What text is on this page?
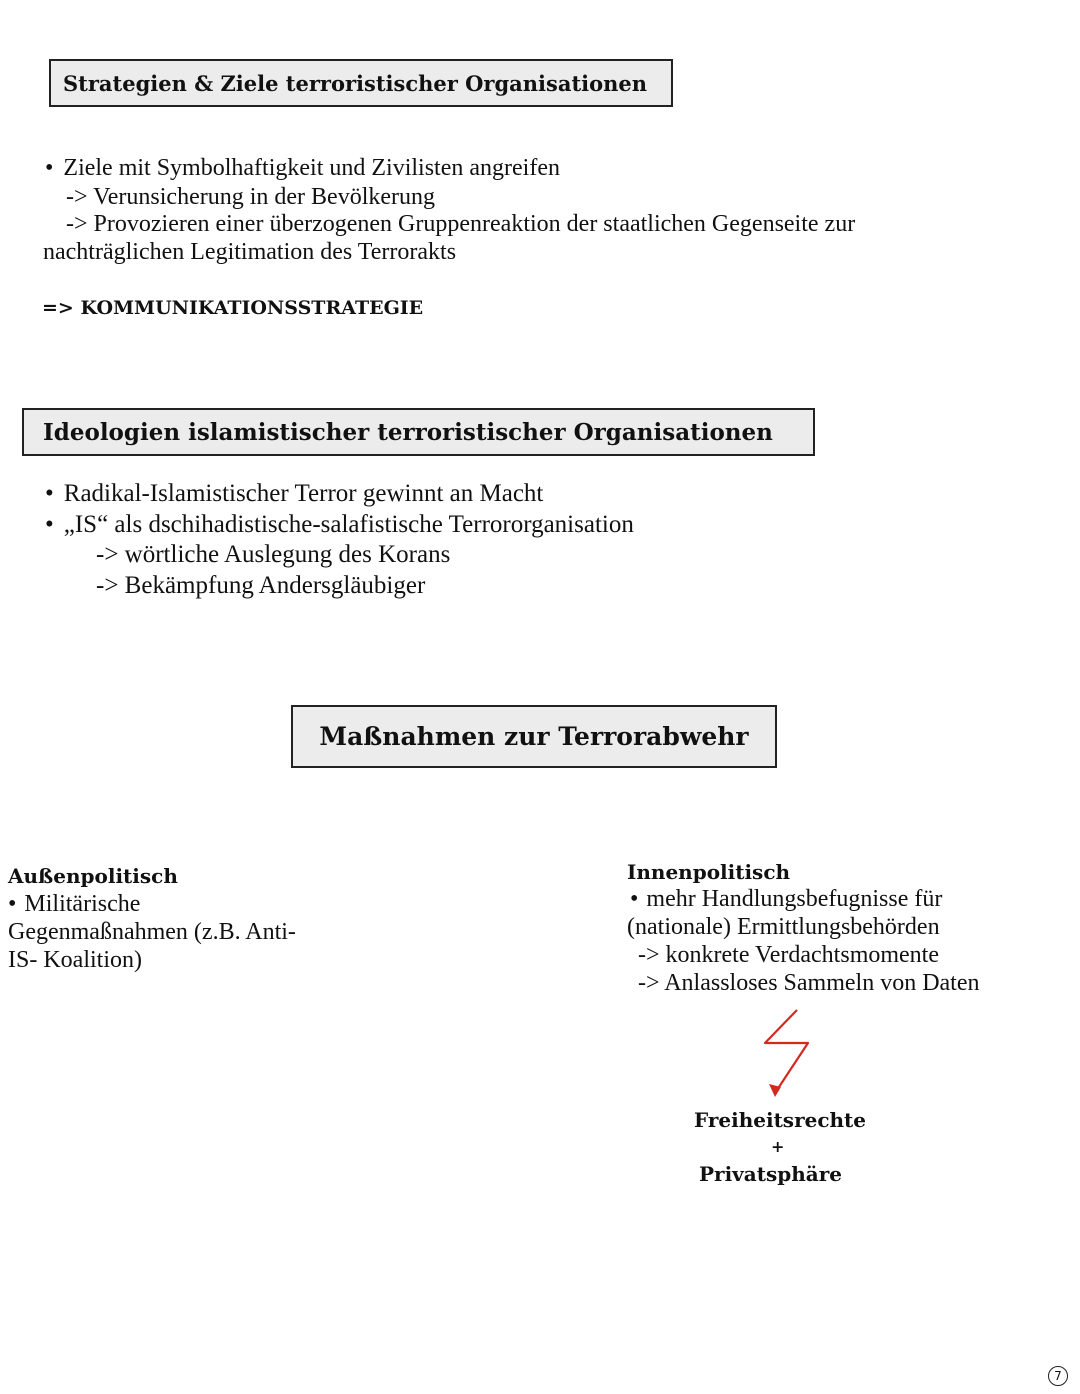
Strategien & Ziele terroristischer Organisationen
• Ziele mit Symbolhaftigkeit und Zivilisten angreifen
-> Verunsicherung in der Bevölkerung
-> Provozieren einer überzogenen Gruppenreaktion der staatlichen Gegenseite zur
nachträglichen Legitimation des Terrorakts
=> KOMMUNIKATIONSSTRATEGIE
Ideologien islamistischer terroristischer Organisationen
• Radikal-Islamistischer Terror gewinnt an Macht
• „IS“ als dschihadistische-salafistische Terrororganisation
-> wörtliche Auslegung des Korans
-> Bekämpfung Andersgläubiger
Maßnahmen zur Terrorabwehr
Außenpolitisch
• Militärische
Gegenmaßnahmen (z.B. Anti-
IS- Koalition)
Innenpolitisch
• mehr Handlungsbefugnisse für
(nationale) Ermittlungsbehörden
-> konkrete Verdachtsmomente
-> Anlassloses Sammeln von Daten
Freiheitsrechte
+
Privatsphäre
7
